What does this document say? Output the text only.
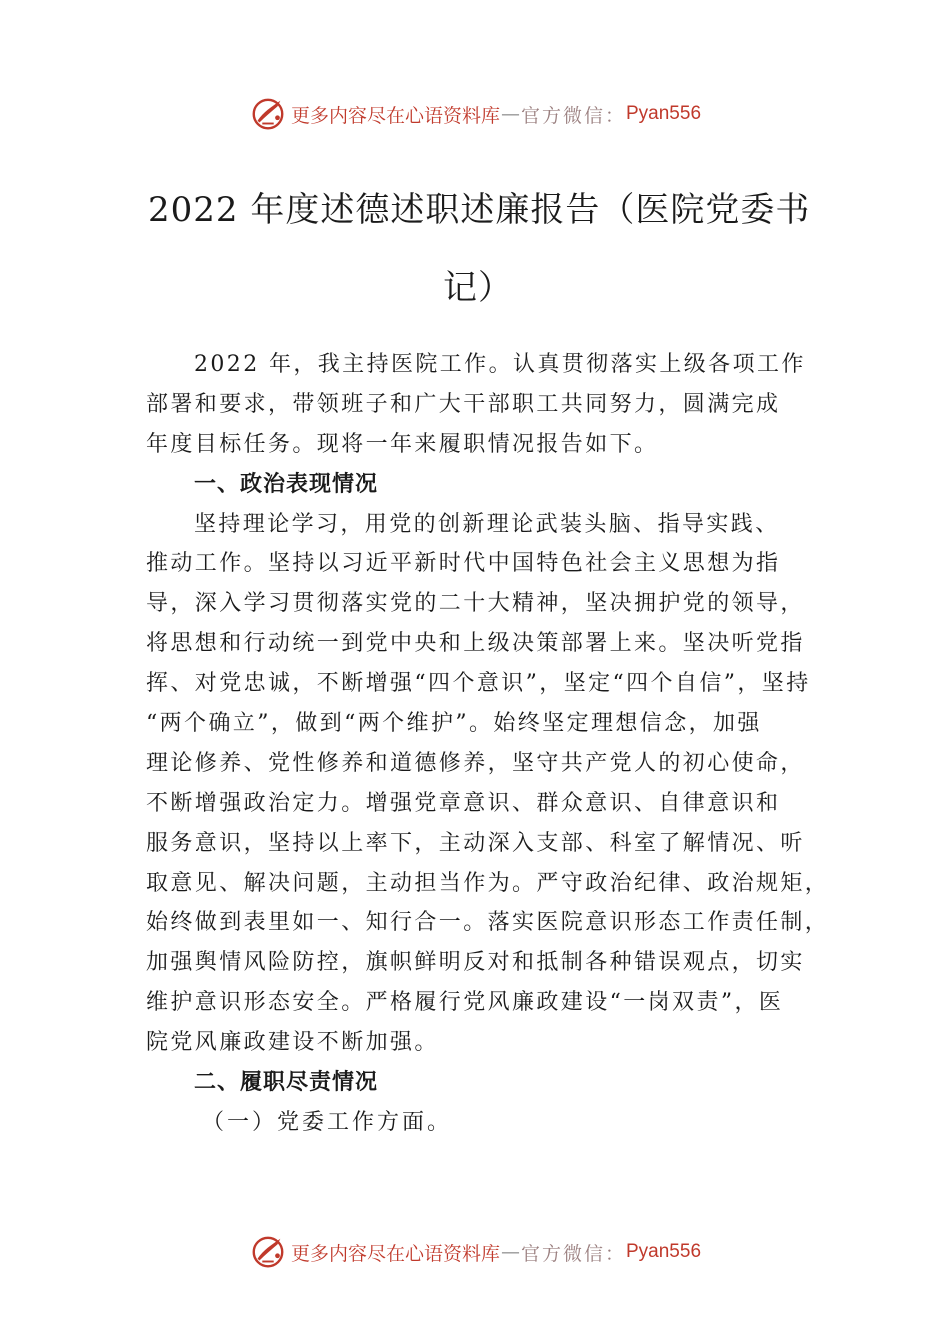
更多内容尽在心语资料库 — 官方微信： Pyan556
2022 年度述德述职述廉报告（医院党委书
记）
2022 年，我主持医院工作。认真贯彻落实上级各项工作
部署和要求，带领班子和广大干部职工共同努力，圆满完成
年度目标任务。现将一年来履职情况报告如下。
一、政治表现情况
坚持理论学习，用党的创新理论武装头脑、指导实践、
推动工作。坚持以习近平新时代中国特色社会主义思想为指
导，深入学习贯彻落实党的二十大精神，坚决拥护党的领导，
将思想和行动统一到党中央和上级决策部署上来。坚决听党指
挥、对党忠诚，不断增强“四个意识”，坚定“四个自信”，坚持
“两个确立”，做到“两个维护”。始终坚定理想信念，加强
理论修养、党性修养和道德修养，坚守共产党人的初心使命，
不断增强政治定力。增强党章意识、群众意识、自律意识和
服务意识，坚持以上率下，主动深入支部、科室了解情况、听
取意见、解决问题，主动担当作为。严守政治纪律、政治规矩，
始终做到表里如一、知行合一。落实医院意识形态工作责任制，
加强舆情风险防控，旗帜鲜明反对和抵制各种错误观点，切实
维护意识形态安全。严格履行党风廉政建设“一岗双责”，医
院党风廉政建设不断加强。
二、履职尽责情况
（一）党委工作方面。
更多内容尽在心语资料库 — 官方微信： Pyan556
